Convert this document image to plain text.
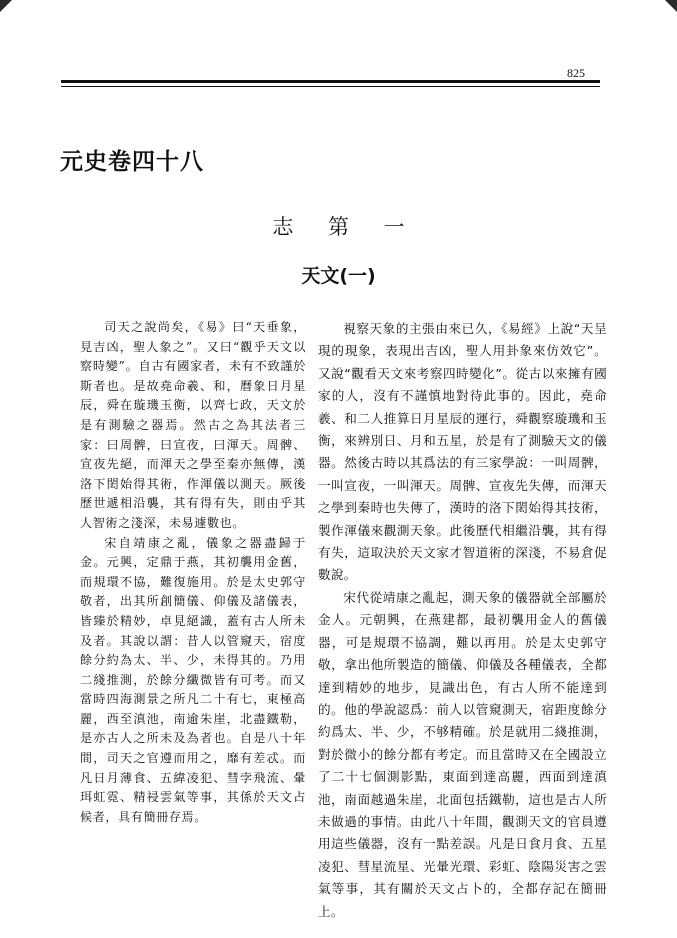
825
元史卷四十八
志 第 一
天文(一)

司天之說尚矣，《易》曰“天垂象，見吉凶，聖人象之”。又曰“觀乎天文以察時變”。自古有國家者，未有不致謹於斯者也。是故堯命羲、和，曆象日月星辰，舜在璇璣玉衡，以齊七政，天文於是有測驗之器焉。然古之為其法者三家：曰周髀，曰宣夜，曰渾天。周髀、宣夜先絕，而渾天之學至秦亦無傳，漢洛下閎始得其術，作渾儀以測天。厥後歷世遞相沿襲，其有得有失，則由乎其人智術之淺深，未易遽數也。

宋自靖康之亂，儀象之器盡歸于金。元興，定鼎于燕，其初襲用金舊，而規環不協，難復施用。於是太史郭守敬者，出其所創簡儀、仰儀及諸儀表，皆臻於精妙，卓見絕識，蓋有古人所未及者。其說以謂：昔人以管窺天，宿度餘分約為太、半、少，未得其的。乃用二綫推測，於餘分纖微皆有可考。而又當時四海測景之所凡二十有七，東極高麗，西至滇池，南逾朱崖，北盡鐵勒，是亦古人之所未及為者也。自是八十年間，司天之官遵而用之，靡有差忒。而凡日月薄食、五緯凌犯、彗孛飛流、暈珥虹霓、精祲雲氣等事，其係於天文占候者，具有簡冊存焉。

視察天象的主張由來已久，《易經》上說“天呈現的現象，表現出吉凶，聖人用卦象來仿效它”。又說“觀看天文來考察四時變化”。從古以來擁有國家的人，沒有不謹慎地對待此事的。因此，堯命羲、和二人推算日月星辰的運行，舜觀察璇璣和玉衡，來辨別日、月和五星，於是有了測驗天文的儀器。然後古時以其爲法的有三家學說：一叫周髀，一叫宣夜，一叫渾天。周髀、宣夜先失傳，而渾天之學到秦時也失傳了，漢時的洛下閎始得其技術，製作渾儀來觀測天象。此後歷代相繼沿襲，其有得有失，這取決於天文家才智道術的深淺，不易倉促數說。

宋代從靖康之亂起，測天象的儀器就全部屬於金人。元朝興，在燕建都，最初襲用金人的舊儀器，可是規環不協調，難以再用。於是太史郭守敬，拿出他所製造的簡儀、仰儀及各種儀表，全都達到精妙的地步，見識出色，有古人所不能達到的。他的學說認爲：前人以管窺測天，宿距度餘分約爲太、半、少，不够精確。於是就用二綫推測，對於微小的餘分都有考定。而且當時又在全國設立了二十七個測影點，東面到達高麗，西面到達滇池，南面越過朱崖，北面包括鐵勒，這也是古人所未做過的事情。由此八十年間，觀測天文的官員遵用這些儀器，沒有一點差誤。凡是日食月食、五星凌犯、彗星流星、光暈光環、彩虹、陰陽災害之雲氣等事，其有關於天文占卜的，全都存記在簡冊上。
